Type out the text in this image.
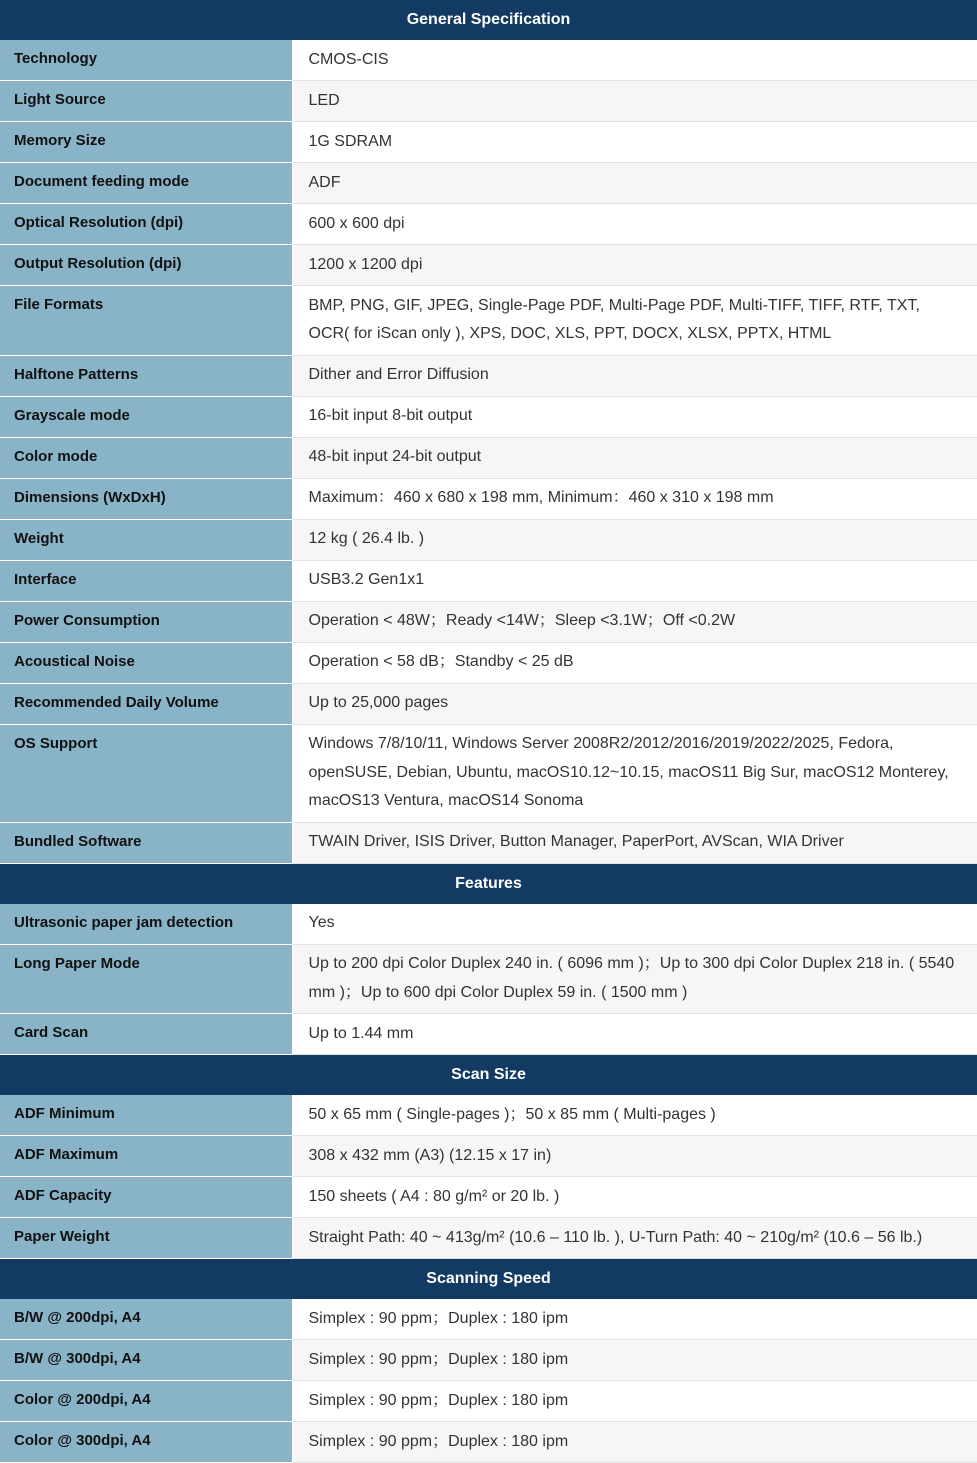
General Specification	
Technology	CMOS-CIS
Light Source	LED
Memory Size	1G SDRAM
Document feeding mode	ADF
Optical Resolution (dpi)	600 x 600 dpi
Output Resolution (dpi)	1200 x 1200 dpi
File Formats	BMP, PNG, GIF, JPEG, Single-Page PDF, Multi-Page PDF, Multi-TIFF, TIFF, RTF, TXT, OCR( for iScan only ), XPS, DOC, XLS, PPT, DOCX, XLSX, PPTX, HTML
Halftone Patterns	Dither and Error Diffusion
Grayscale mode	16-bit input 8-bit output
Color mode	48-bit input 24-bit output
Dimensions (WxDxH)	Maximum：460 x 680 x 198 mm, Minimum：460 x 310 x 198 mm
Weight	12 kg ( 26.4 lb. )
Interface	USB3.2 Gen1x1
Power Consumption	Operation < 48W；Ready <14W；Sleep <3.1W；Off <0.2W
Acoustical Noise	Operation < 58 dB；Standby < 25 dB
Recommended Daily Volume	Up to 25,000 pages
OS Support	Windows 7/8/10/11, Windows Server 2008R2/2012/2016/2019/2022/2025, Fedora, openSUSE, Debian, Ubuntu, macOS10.12~10.15, macOS11 Big Sur, macOS12 Monterey, macOS13 Ventura, macOS14 Sonoma
Bundled Software	TWAIN Driver, ISIS Driver, Button Manager, PaperPort, AVScan, WIA Driver
Features	
Ultrasonic paper jam detection	Yes
Long Paper Mode	Up to 200 dpi Color Duplex 240 in. ( 6096 mm )；Up to 300 dpi Color Duplex 218 in. ( 5540 mm )；Up to 600 dpi Color Duplex 59 in. ( 1500 mm )
Card Scan	Up to 1.44 mm
Scan Size	
ADF Minimum	50 x 65 mm ( Single-pages )；50 x 85 mm ( Multi-pages )
ADF Maximum	308 x 432 mm (A3) (12.15 x 17 in)
ADF Capacity	150 sheets ( A4 : 80 g/m² or 20 lb. )
Paper Weight	Straight Path: 40 ~ 413g/m² (10.6 – 110 lb. ), U-Turn Path: 40 ~ 210g/m² (10.6 – 56 lb.)
Scanning Speed	
B/W @ 200dpi, A4	Simplex : 90 ppm；Duplex : 180 ipm
B/W @ 300dpi, A4	Simplex : 90 ppm；Duplex : 180 ipm
Color @ 200dpi, A4	Simplex : 90 ppm；Duplex : 180 ipm
Color @ 300dpi, A4	Simplex : 90 ppm；Duplex : 180 ipm
